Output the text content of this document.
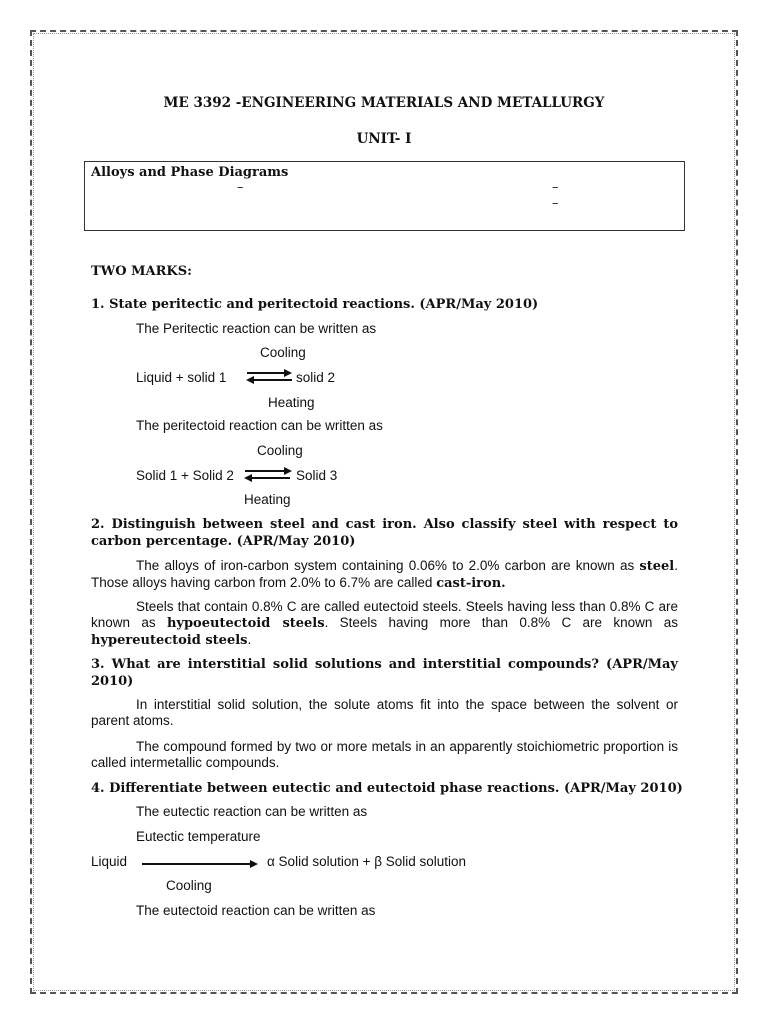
ME 3392 -ENGINEERING MATERIALS AND METALLURGY
UNIT- I
Alloys and Phase Diagrams
–	–
–
TWO MARKS:
1. State peritectic and peritectoid reactions. (APR/May 2010)
The Peritectic reaction can be written as
Cooling
Liquid + solid 1	solid 2
Heating
The peritectoid reaction can be written as
Cooling
Solid 1 + Solid 2	Solid 3
Heating
2. Distinguish between steel and cast iron. Also classify steel with respect to carbon percentage. (APR/May 2010)
The alloys of iron-carbon system containing 0.06% to 2.0% carbon are known as steel. Those alloys having carbon from 2.0% to 6.7% are called cast-iron.
Steels that contain 0.8% C are called eutectoid steels. Steels having less than 0.8% C are known as hypoeutectoid steels. Steels having more than 0.8% C are known as hypereutectoid steels.
3. What are interstitial solid solutions and interstitial compounds? (APR/May 2010)
In interstitial solid solution, the solute atoms fit into the space between the solvent or parent atoms.
The compound formed by two or more metals in an apparently stoichiometric proportion is called intermetallic compounds.
4. Differentiate between eutectic and eutectoid phase reactions. (APR/May 2010)
The eutectic reaction can be written as
Eutectic temperature
Liquid	α Solid solution + β Solid solution
Cooling
The eutectoid reaction can be written as
